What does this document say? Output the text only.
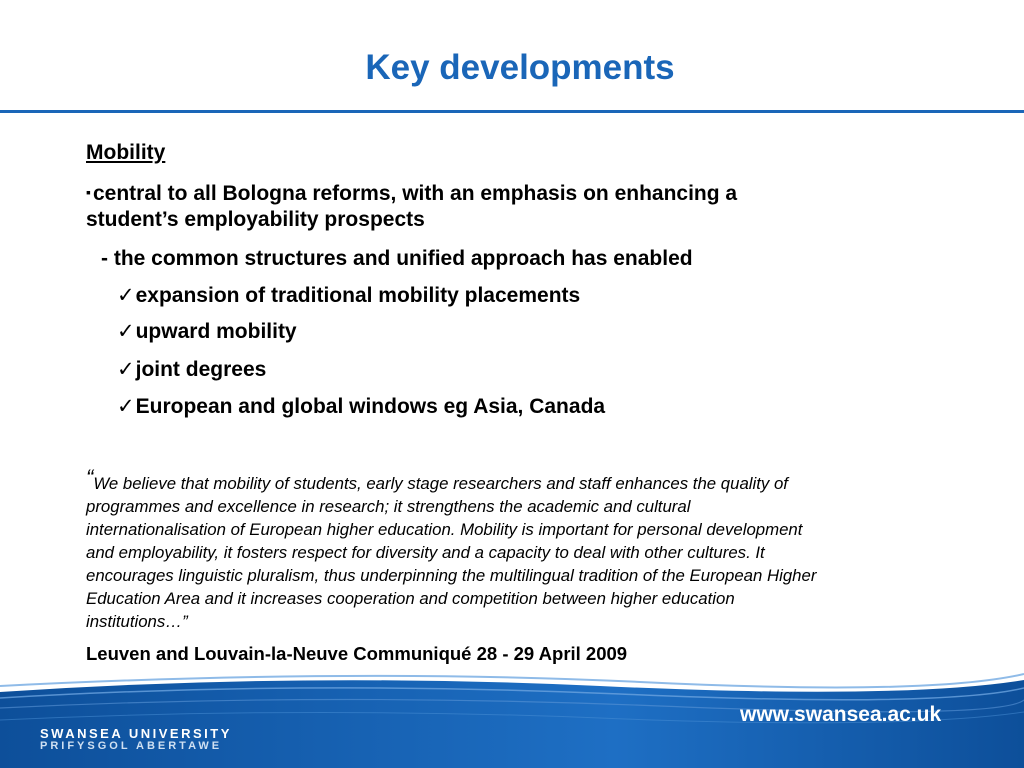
Key developments
Mobility
▪central to all Bologna reforms, with an emphasis on enhancing a
student’s employability prospects
- the common structures and unified approach has enabled
✓expansion of traditional mobility placements
✓upward mobility
✓joint degrees
✓European and global windows eg Asia, Canada
“We believe that mobility of students, early stage researchers and staff enhances the quality of
programmes and excellence in research; it strengthens the academic and cultural
internationalisation of European higher education. Mobility is important for personal development
and employability, it fosters respect for diversity and a capacity to deal with other cultures. It
encourages linguistic pluralism, thus underpinning the multilingual tradition of the European Higher
Education Area and it increases cooperation and competition between higher education
institutions…”
Leuven and Louvain-la-Neuve Communiqué 28 - 29 April 2009
SWANSEA UNIVERSITY
PRIFYSGOL ABERTAWE
www.swansea.ac.uk
